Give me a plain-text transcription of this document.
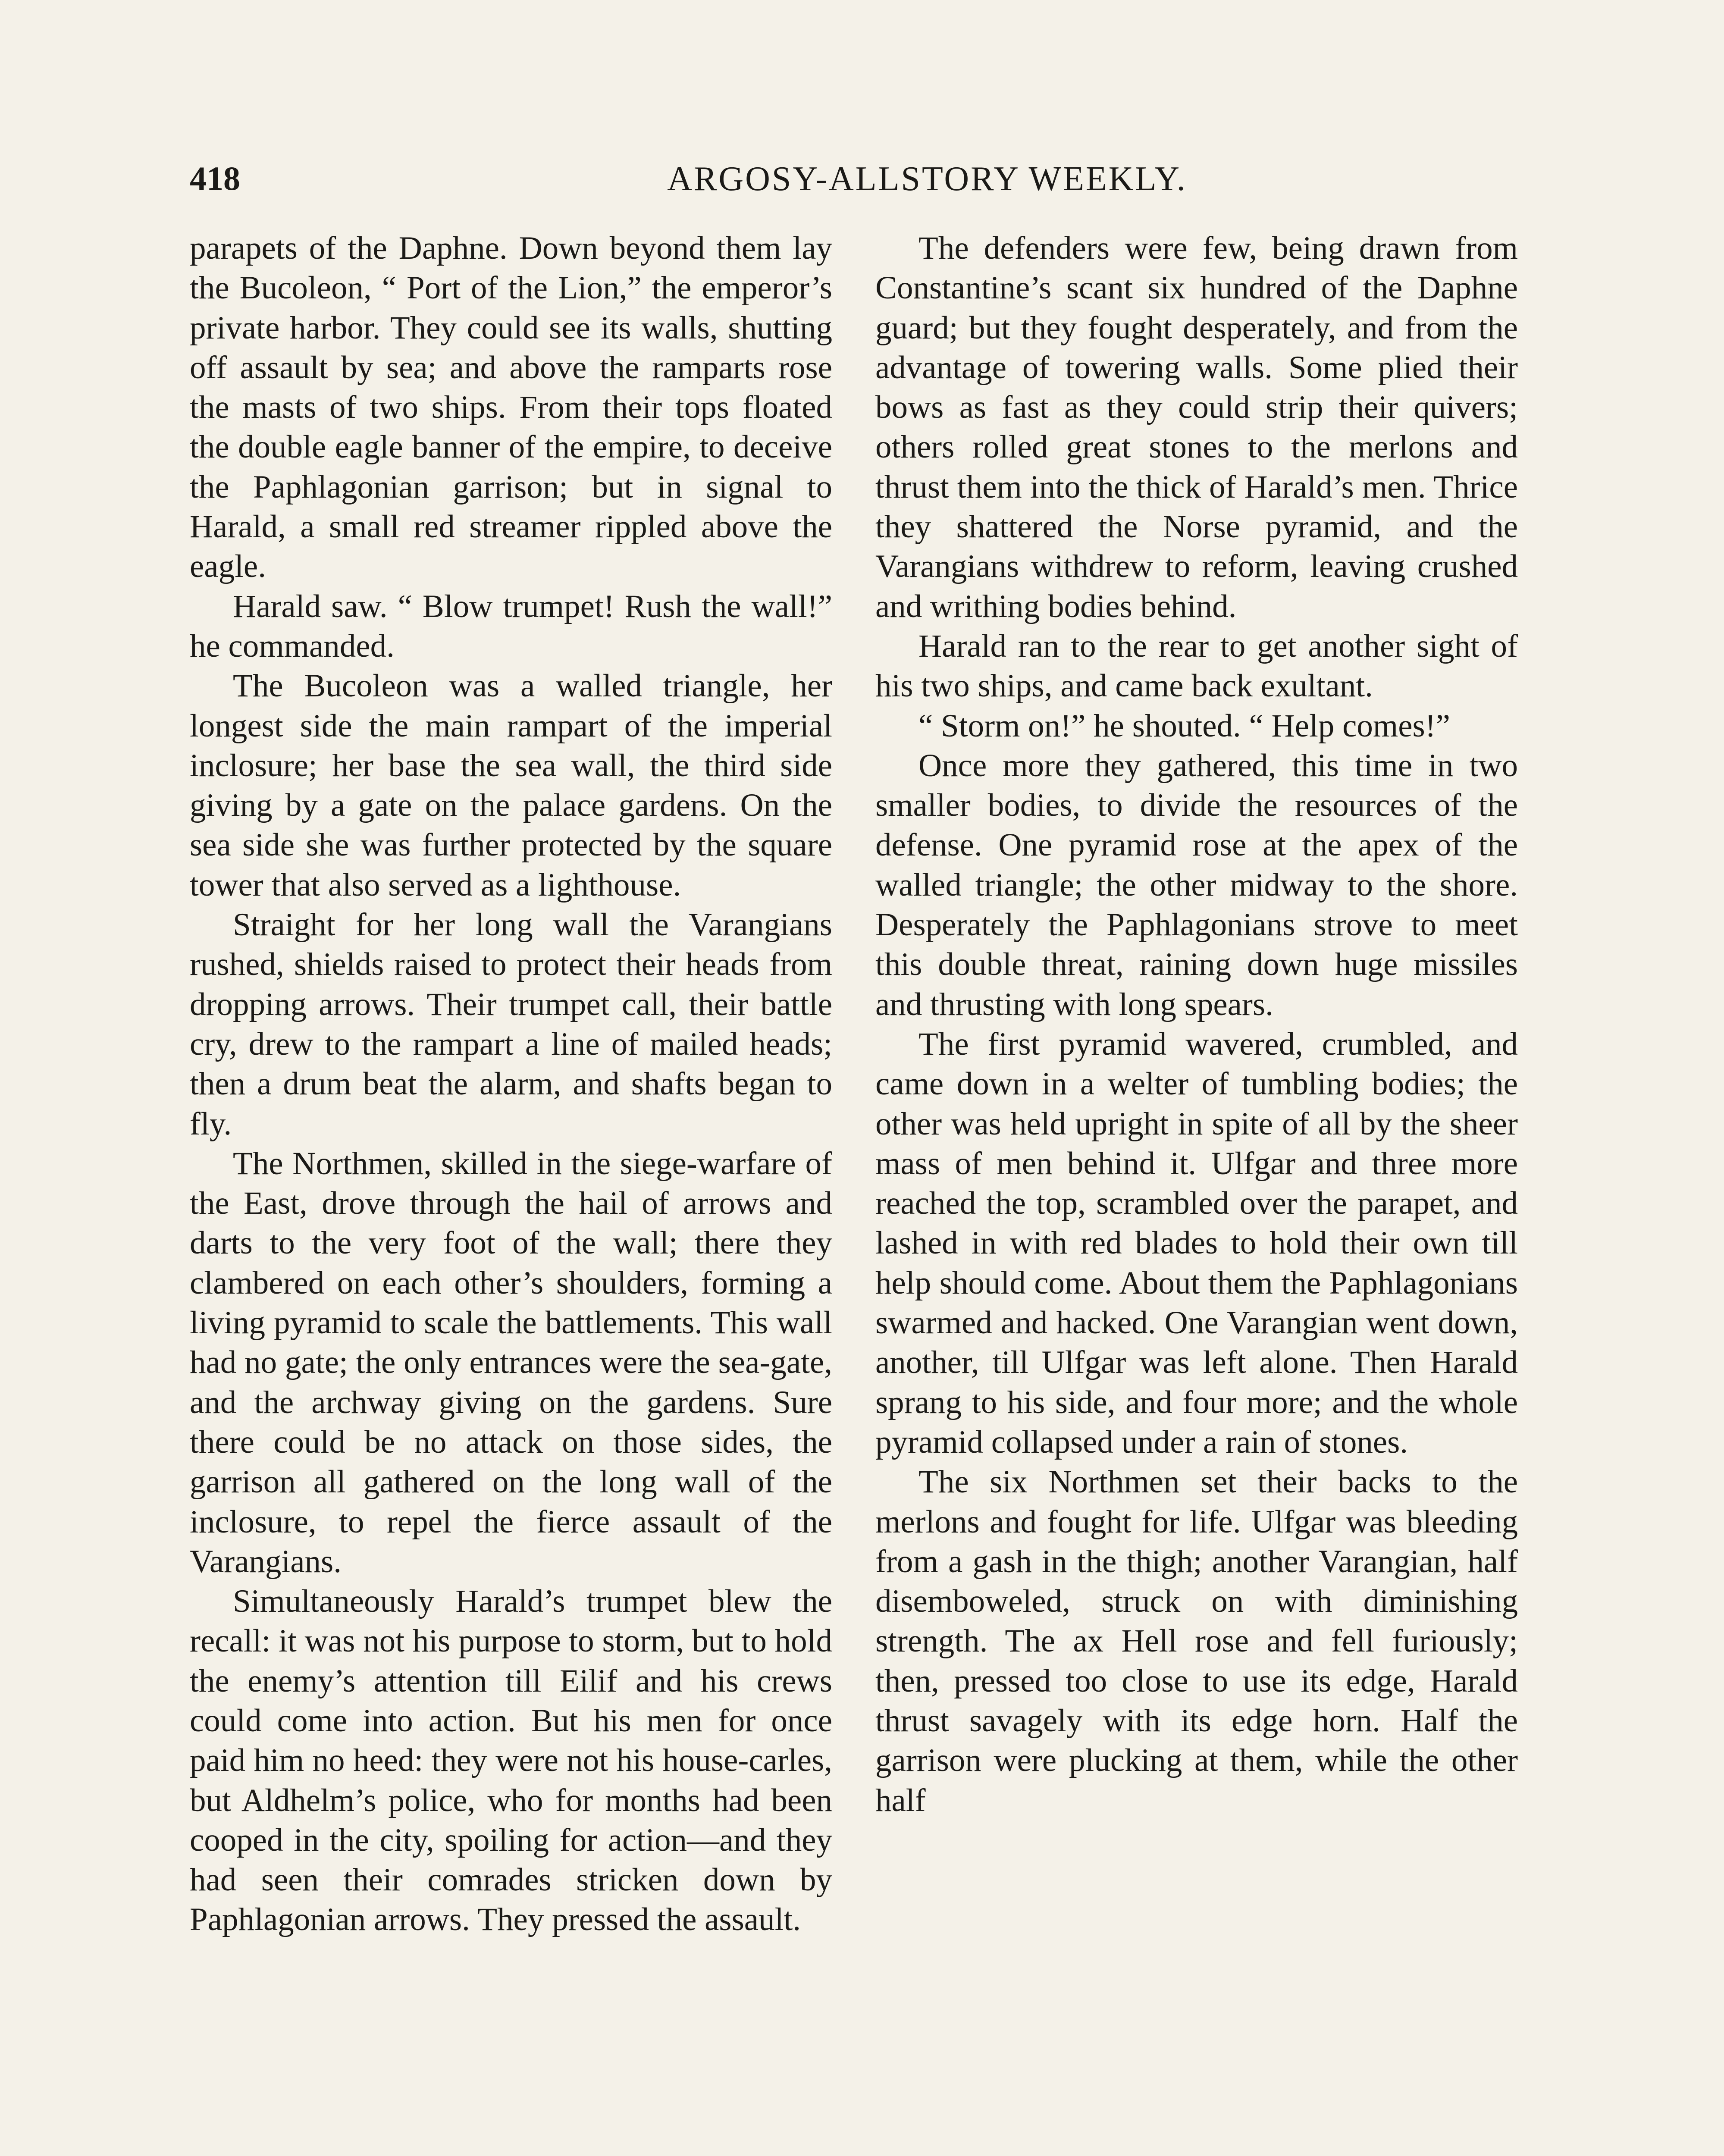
418	ARGOSY-ALLSTORY WEEKLY.

parapets of the Daphne. Down beyond them lay the Bucoleon, “ Port of the Lion,” the emperor’s private harbor. They could see its walls, shutting off assault by sea; and above the ramparts rose the masts of two ships. From their tops floated the double eagle banner of the empire, to deceive the Paphlagonian garrison; but in signal to Harald, a small red streamer rippled above the eagle.

Harald saw. “ Blow trumpet! Rush the wall!” he commanded.

The Bucoleon was a walled triangle, her longest side the main rampart of the imperial inclosure; her base the sea wall, the third side giving by a gate on the palace gardens. On the sea side she was further protected by the square tower that also served as a lighthouse.

Straight for her long wall the Varangians rushed, shields raised to protect their heads from dropping arrows. Their trumpet call, their battle cry, drew to the rampart a line of mailed heads; then a drum beat the alarm, and shafts began to fly.

The Northmen, skilled in the siege-warfare of the East, drove through the hail of arrows and darts to the very foot of the wall; there they clambered on each other’s shoulders, forming a living pyramid to scale the battlements. This wall had no gate; the only entrances were the sea-gate, and the archway giving on the gardens. Sure there could be no attack on those sides, the garrison all gathered on the long wall of the inclosure, to repel the fierce assault of the Varangians.

Simultaneously Harald’s trumpet blew the recall: it was not his purpose to storm, but to hold the enemy’s attention till Eilif and his crews could come into action. But his men for once paid him no heed: they were not his house-carles, but Aldhelm’s police, who for months had been cooped in the city, spoiling for action—and they had seen their comrades stricken down by Paphlagonian arrows. They pressed the assault.

The defenders were few, being drawn from Constantine’s scant six hundred of the Daphne guard; but they fought desperately, and from the advantage of towering walls. Some plied their bows as fast as they could strip their quivers; others rolled great stones to the merlons and thrust them into the thick of Harald’s men. Thrice they shattered the Norse pyramid, and the Varangians withdrew to reform, leaving crushed and writhing bodies behind.

Harald ran to the rear to get another sight of his two ships, and came back exultant.

“ Storm on!” he shouted. “ Help comes!”

Once more they gathered, this time in two smaller bodies, to divide the resources of the defense. One pyramid rose at the apex of the walled triangle; the other midway to the shore. Desperately the Paphlagonians strove to meet this double threat, raining down huge missiles and thrusting with long spears.

The first pyramid wavered, crumbled, and came down in a welter of tumbling bodies; the other was held upright in spite of all by the sheer mass of men behind it. Ulfgar and three more reached the top, scrambled over the parapet, and lashed in with red blades to hold their own till help should come. About them the Paphlagonians swarmed and hacked. One Varangian went down, another, till Ulfgar was left alone. Then Harald sprang to his side, and four more; and the whole pyramid collapsed under a rain of stones.

The six Northmen set their backs to the merlons and fought for life. Ulfgar was bleeding from a gash in the thigh; another Varangian, half disemboweled, struck on with diminishing strength. The ax Hell rose and fell furiously; then, pressed too close to use its edge, Harald thrust savagely with its edge horn. Half the garrison were plucking at them, while the other half
